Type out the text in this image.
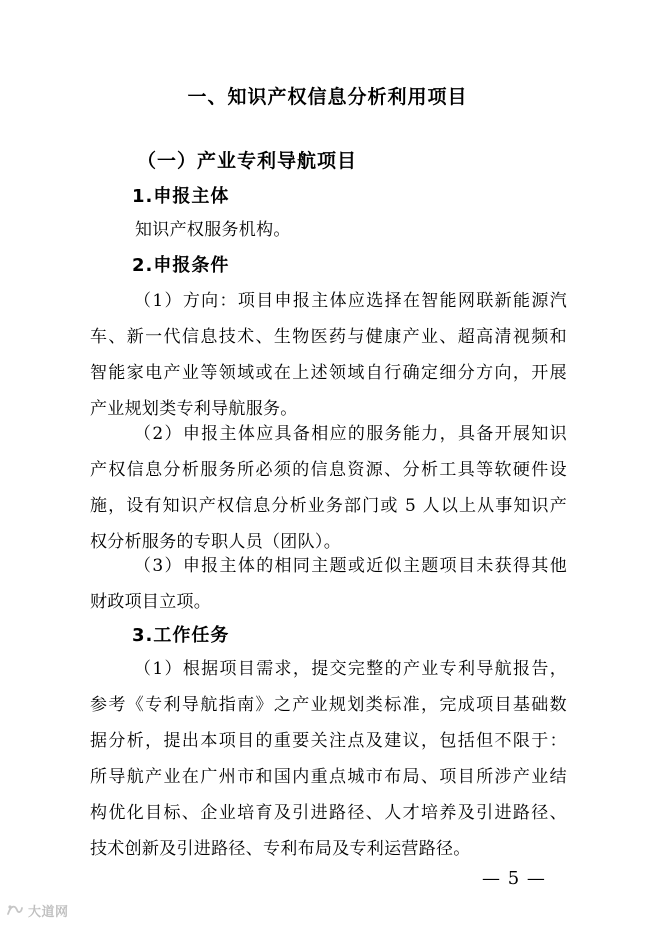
一、知识产权信息分析利用项目
（一）产业专利导航项目
1.申报主体
知识产权服务机构。
2.申报条件
（1）方向：项目申报主体应选择在智能网联新能源汽
车、新一代信息技术、生物医药与健康产业、超高清视频和
智能家电产业等领域或在上述领域自行确定细分方向，开展
产业规划类专利导航服务。
（2）申报主体应具备相应的服务能力，具备开展知识
产权信息分析服务所必须的信息资源、分析工具等软硬件设
施，设有知识产权信息分析业务部门或 5 人以上从事知识产
权分析服务的专职人员（团队）。
（3）申报主体的相同主题或近似主题项目未获得其他
财政项目立项。
3.工作任务
（1）根据项目需求，提交完整的产业专利导航报告，
参考《专利导航指南》之产业规划类标准，完成项目基础数
据分析，提出本项目的重要关注点及建议，包括但不限于：
所导航产业在广州市和国内重点城市布局、项目所涉产业结
构优化目标、企业培育及引进路径、人才培养及引进路径、
技术创新及引进路径、专利布局及专利运营路径。
— 5 —
大道网
